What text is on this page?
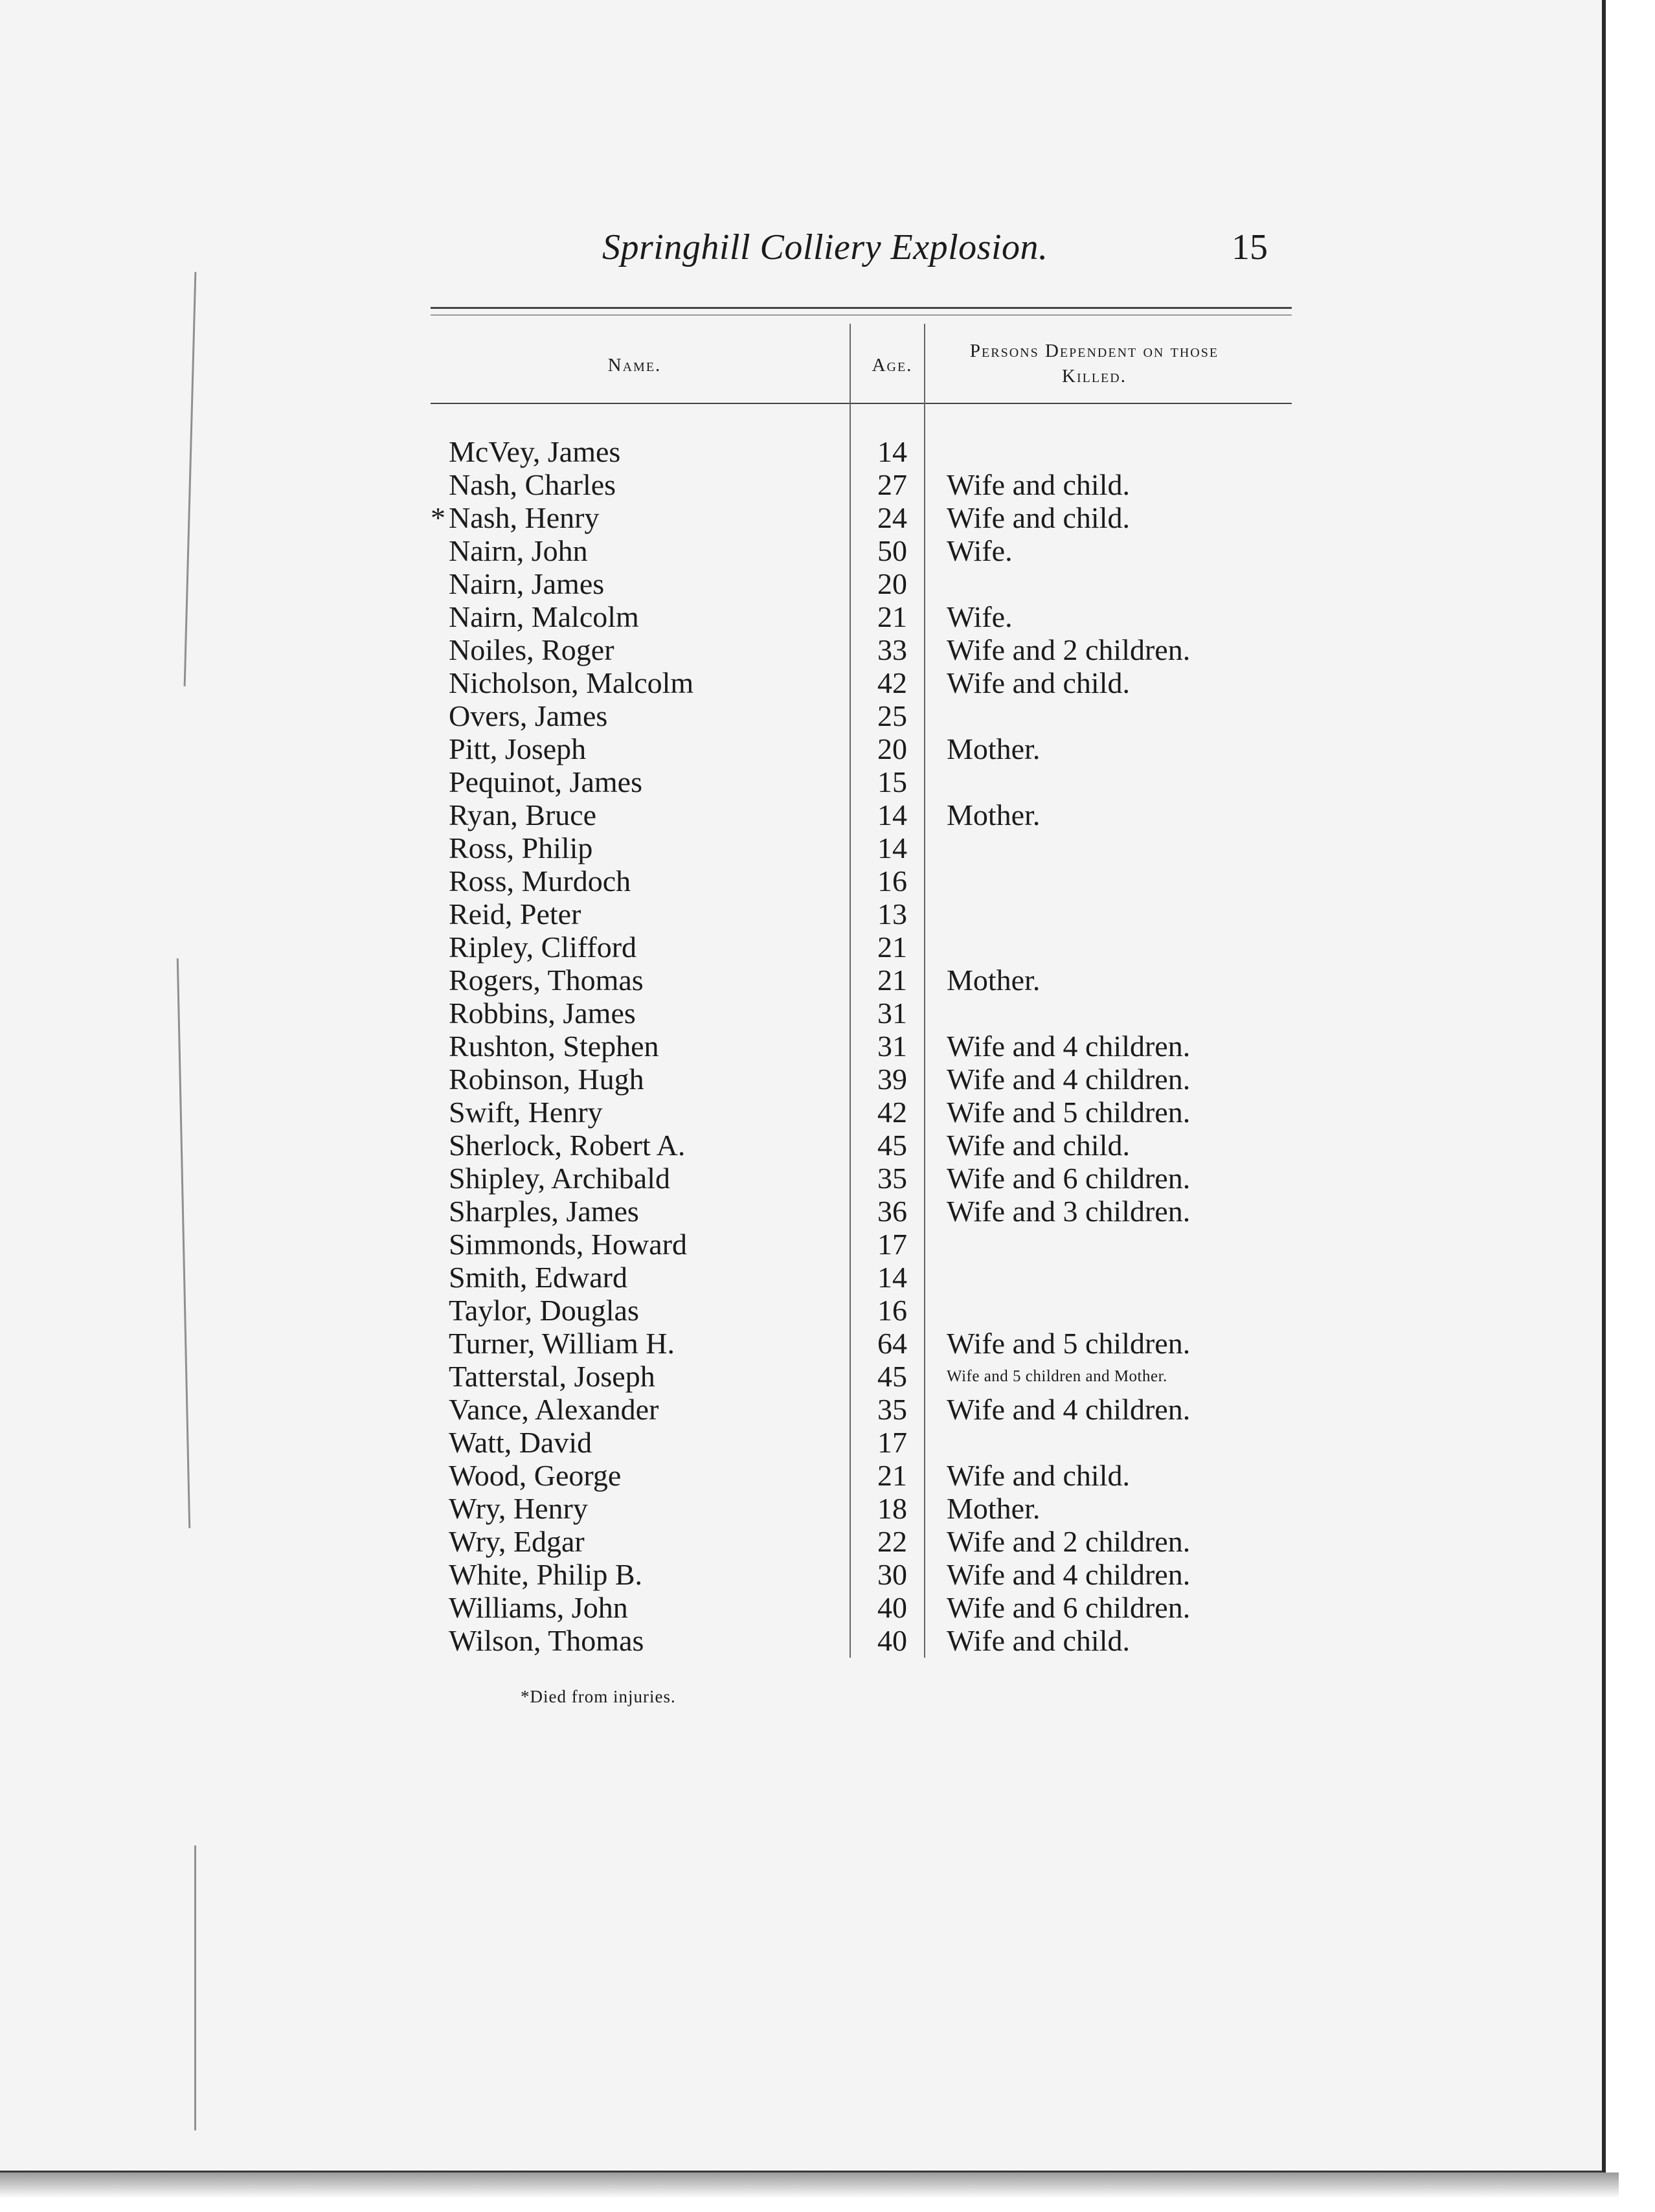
Springhill Colliery Explosion.	15
Name.	Age.
Persons Dependent on those Killed.
McVey, James	14
Nash, Charles	27	Wife and child.
* Nash, Henry	24	Wife and child.
Nairn, John	50	Wife.
Nairn, James	20
Nairn, Malcolm	21	Wife.
Noiles, Roger	33	Wife and 2 children.
Nicholson, Malcolm	42	Wife and child.
Overs, James	25
Pitt, Joseph	20	Mother.
Pequinot, James	15
Ryan, Bruce	14	Mother.
Ross, Philip	14
Ross, Murdoch	16
Reid, Peter	13
Ripley, Clifford	21
Rogers, Thomas	21	Mother.
Robbins, James	31
Rushton, Stephen	31	Wife and 4 children.
Robinson, Hugh	39	Wife and 4 children.
Swift, Henry	42	Wife and 5 children.
Sherlock, Robert A.	45	Wife and child.
Shipley, Archibald	35	Wife and 6 children.
Sharples, James	36	Wife and 3 children.
Simmonds, Howard	17
Smith, Edward	14
Taylor, Douglas	16
Turner, William H.	64	Wife and 5 children.
Tatterstal, Joseph	45	Wife and 5 children and Mother.
Vance, Alexander	35	Wife and 4 children.
Watt, David	17
Wood, George	21	Wife and child.
Wry, Henry	18	Mother.
Wry, Edgar	22	Wife and 2 children.
White, Philip B.	30	Wife and 4 children.
Williams, John	40	Wife and 6 children.
Wilson, Thomas	40	Wife and child.
*Died from injuries.
